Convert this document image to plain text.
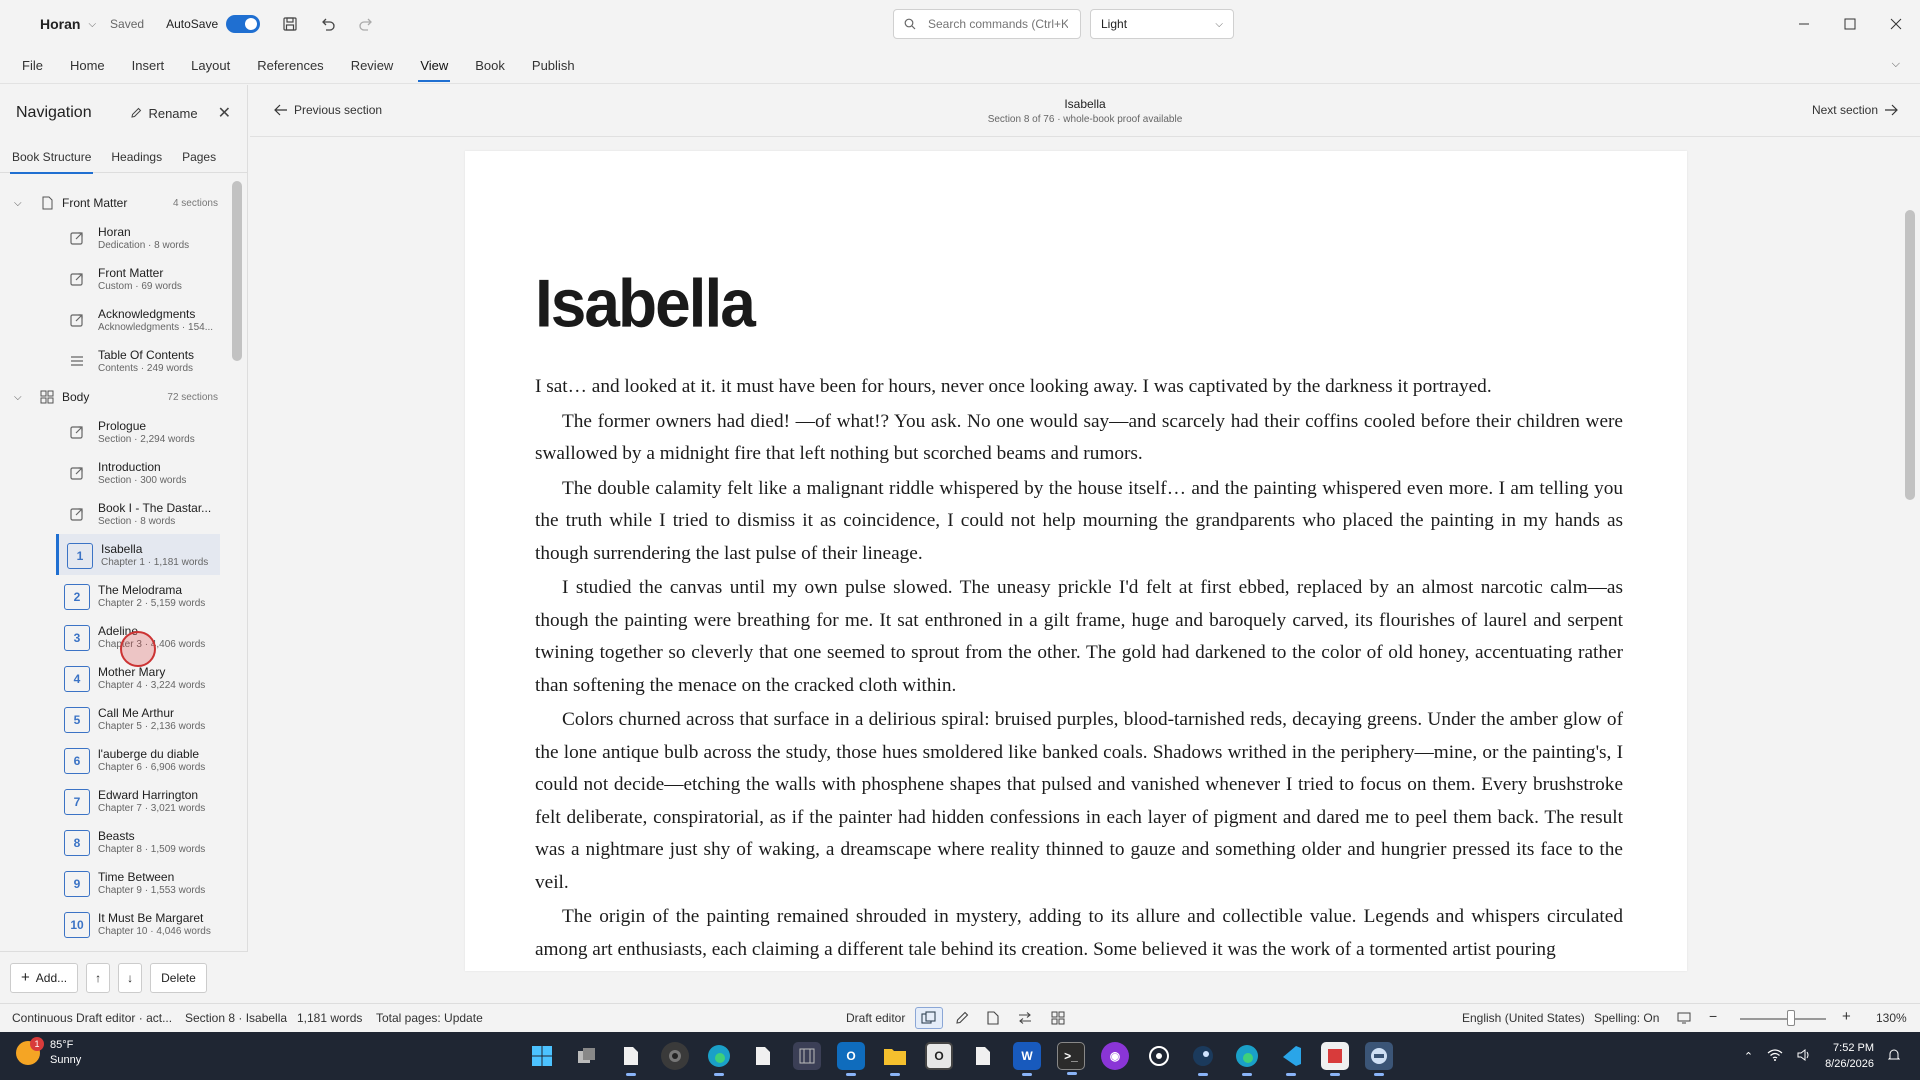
Horan ⌵ Saved AutoSave
Search commands (Ctrl+K)	Light	⌵
File Home Insert Layout References Review View Book Publish	⌵
Navigation	Rename ✕
Book Structure Headings Pages
⌵	Front Matter	4 sections
Horan
Dedication · 8 words
Front Matter
Custom · 69 words
Acknowledgments
Acknowledgments · 154...
Table Of Contents
Contents · 249 words
⌵	Body	72 sections
Prologue
Section · 2,294 words
Introduction
Section · 300 words
Book I - The Dastar...
Section · 8 words
1
Isabella
Chapter 1 · 1,181 words
2
The Melodrama
Chapter 2 · 5,159 words
3
Adeline
Chapter 3 · 4,406 words
4
Mother Mary
Chapter 4 · 3,224 words
5
Call Me Arthur
Chapter 5 · 2,136 words
6
l'auberge du diable
Chapter 6 · 6,906 words
7
Edward Harrington
Chapter 7 · 3,021 words
8
Beasts
Chapter 8 · 1,509 words
9
Time Between
Chapter 9 · 1,553 words
10
It Must Be Margaret
Chapter 10 · 4,046 words
+ Add...	↑	↓	Delete
Previous section	Isabella
Section 8 of 76 · whole-book proof available
Next section
Isabella

I sat… and looked at it. it must have been for hours, never once looking away. I was captivated by the darkness it portrayed.

The former owners had died! —of what!? You ask. No one would say—and scarcely had their coffins cooled before their children were swallowed by a midnight fire that left nothing but scorched beams and rumors.

The double calamity felt like a malignant riddle whispered by the house itself… and the painting whispered even more. I am telling you the truth while I tried to dismiss it as coincidence, I could not help mourning the grandparents who placed the painting in my hands as though surrendering the last pulse of their lineage.

I studied the canvas until my own pulse slowed. The uneasy prickle I'd felt at first ebbed, replaced by an almost narcotic calm—as though the painting were breathing for me. It sat enthroned in a gilt frame, huge and baroquely carved, its flourishes of laurel and serpent twining together so cleverly that one seemed to sprout from the other. The gold had darkened to the color of old honey, accentuating rather than softening the menace on the cracked cloth within.

Colors churned across that surface in a delirious spiral: bruised purples, blood-tarnished reds, decaying greens. Under the amber glow of the lone antique bulb across the study, those hues smoldered like banked coals. Shadows writhed in the periphery—mine, or the painting's, I could not decide—etching the walls with phosphene shapes that pulsed and vanished whenever I tried to focus on them. Every brushstroke felt deliberate, conspiratorial, as if the painter had hidden confessions in each layer of pigment and dared me to peel them back. The result was a nightmare just shy of waking, a dreamscape where reality thinned to gauze and something older and hungrier pressed its face to the veil.

The origin of the painting remained shrouded in mystery, adding to its allure and collectible value. Legends and whispers circulated among art enthusiasts, each claiming a different tale behind its creation. Some believed it was the work of a tormented artist pouring

Continuous Draft editor · act... Section 8 · Isabella 1,181 words Total pages: Update	Draft editor	English (United States) Spelling: On	−	+ 130%
1 85°F
Sunny	O	O	W	>_	◉	⌃
7:52 PM
8/26/2026
